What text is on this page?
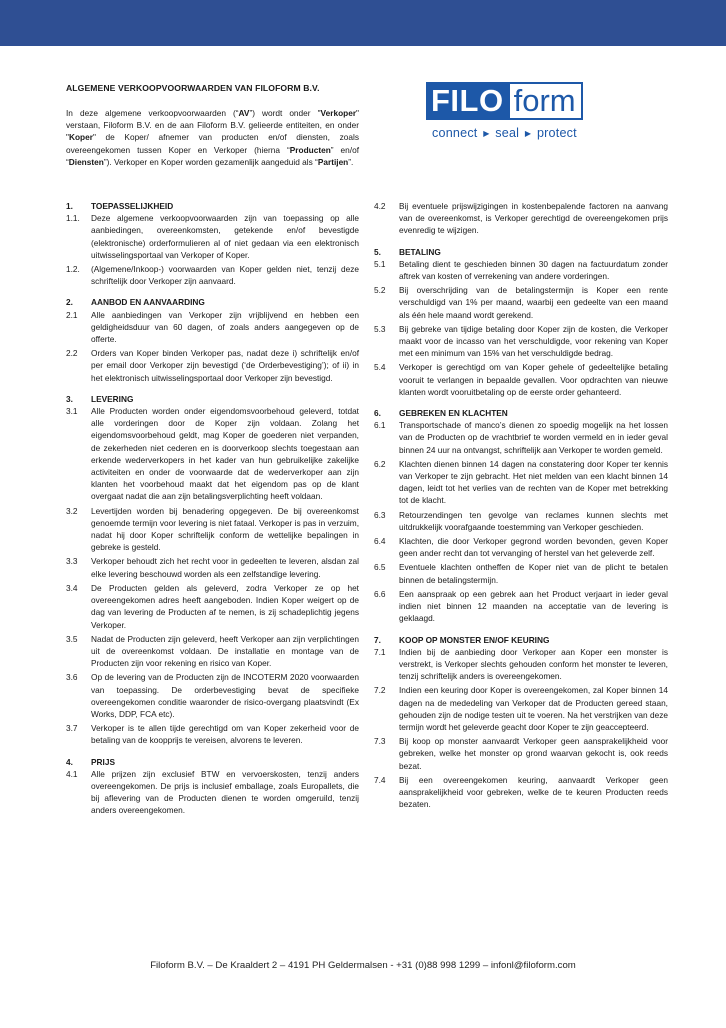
ALGEMENE VERKOOPVOORWAARDEN VAN FILOFORM B.V.
In deze algemene verkoopvoorwaarden (“AV”) wordt onder "Verkoper" verstaan, Filoform B.V. en de aan Filoform B.V. gelieerde entiteiten, en onder "Koper" de Koper/ afnemer van producten en/of diensten, zoals overeengekomen tussen Koper en Verkoper (hierna “Producten” en/of “Diensten”). Verkoper en Koper worden gezamenlijk aangeduid als “Partijen”.
FILO form
connect ▶ seal ▶ protect
1.	TOEPASSELIJKHEID
1.1.	Deze algemene verkoopvoorwaarden zijn van toepassing op alle aanbiedingen, overeenkomsten, getekende en/of bevestigde (elektronische) orderformulieren al of niet gedaan via een elektronisch uitwisselingsportaal van Verkoper of Koper.
1.2.	(Algemene/Inkoop-) voorwaarden van Koper gelden niet, tenzij deze schriftelijk door Verkoper zijn aanvaard.
2.	AANBOD EN AANVAARDING
2.1	Alle aanbiedingen van Verkoper zijn vrijblijvend en hebben een geldigheidsduur van 60 dagen, of zoals anders aangegeven op de offerte.
2.2	Orders van Koper binden Verkoper pas, nadat deze i) schriftelijk en/of per email door Verkoper zijn bevestigd (‘de Orderbevestiging’); of ii) in het elektronisch uitwisselingsportaal door Verkoper zijn bevestigd.
3.	LEVERING
3.1	Alle Producten worden onder eigendomsvoorbehoud geleverd, totdat alle vorderingen door de Koper zijn voldaan. Zolang het eigendomsvoorbehoud geldt, mag Koper de goederen niet verpanden, de zekerheden niet cederen en is doorverkoop slechts toegestaan aan erkende wederverkopers in het kader van hun gebruikelijke zakelijke activiteiten en onder de voorwaarde dat de wederverkoper aan zijn klanten het voorbehoud maakt dat het eigendom pas op de klant overgaat nadat die aan zijn betalingsverplichting heeft voldaan.
3.2	Levertijden worden bij benadering opgegeven. De bij overeenkomst genoemde termijn voor levering is niet fataal. Verkoper is pas in verzuim, nadat hij door Koper schriftelijk conform de wettelijke bepalingen in gebreke is gesteld.
3.3	Verkoper behoudt zich het recht voor in gedeelten te leveren, alsdan zal elke levering beschouwd worden als een zelfstandige levering.
3.4	De Producten gelden als geleverd, zodra Verkoper ze op het overeengekomen adres heeft aangeboden. Indien Koper weigert op de dag van levering de Producten af te nemen, is zij schadeplichtig jegens Verkoper.
3.5	Nadat de Producten zijn geleverd, heeft Verkoper aan zijn verplichtingen uit de overeenkomst voldaan. De installatie en montage van de Producten zijn voor rekening en risico van Koper.
3.6	Op de levering van de Producten zijn de INCOTERM 2020 voorwaarden van toepassing. De orderbevestiging bevat de specifieke overeengekomen conditie waaronder de risico-overgang plaatsvindt (Ex Works, DDP, FCA etc).
3.7	Verkoper is te allen tijde gerechtigd om van Koper zekerheid voor de betaling van de koopprijs te vereisen, alvorens te leveren.
4.	PRIJS
4.1	Alle prijzen zijn exclusief BTW en vervoerskosten, tenzij anders overeengekomen. De prijs is inclusief emballage, zoals Europallets, die bij aflevering van de Producten dienen te worden omgeruild, tenzij anders overeengekomen.
4.2	Bij eventuele prijswijzigingen in kostenbepalende factoren na aanvang van de overeenkomst, is Verkoper gerechtigd de overeengekomen prijs evenredig te wijzigen.
5.	BETALING
5.1	Betaling dient te geschieden binnen 30 dagen na factuurdatum zonder aftrek van kosten of verrekening van andere vorderingen.
5.2	Bij overschrijding van de betalingstermijn is Koper een rente verschuldigd van 1% per maand, waarbij een gedeelte van een maand als één hele maand wordt gerekend.
5.3	Bij gebreke van tijdige betaling door Koper zijn de kosten, die Verkoper maakt voor de incasso van het verschuldigde, voor rekening van Koper met een minimum van 15% van het verschuldigde bedrag.
5.4	Verkoper is gerechtigd om van Koper gehele of gedeeltelijke betaling vooruit te verlangen in bepaalde gevallen. Voor opdrachten van nieuwe klanten wordt vooruitbetaling op de eerste order gehanteerd.
6.	GEBREKEN EN KLACHTEN
6.1	Transportschade of manco’s dienen zo spoedig mogelijk na het lossen van de Producten op de vrachtbrief te worden vermeld en in ieder geval binnen 24 uur na ontvangst, schriftelijk aan Verkoper te worden gemeld.
6.2	Klachten dienen binnen 14 dagen na constatering door Koper ter kennis van Verkoper te zijn gebracht. Het niet melden van een klacht binnen 14 dagen, leidt tot het verlies van de rechten van de Koper met betrekking tot de klacht.
6.3	Retourzendingen ten gevolge van reclames kunnen slechts met uitdrukkelijk voorafgaande toestemming van Verkoper geschieden.
6.4	Klachten, die door Verkoper gegrond worden bevonden, geven Koper geen ander recht dan tot vervanging of herstel van het geleverde zelf.
6.5	Eventuele klachten ontheffen de Koper niet van de plicht te betalen binnen de betalingstermijn.
6.6	Een aanspraak op een gebrek aan het Product verjaart in ieder geval indien niet binnen 12 maanden na acceptatie van de levering is geklaagd.
7.	KOOP OP MONSTER EN/OF KEURING
7.1	Indien bij de aanbieding door Verkoper aan Koper een monster is verstrekt, is Verkoper slechts gehouden conform het monster te leveren, tenzij schriftelijk anders is overeengekomen.
7.2	Indien een keuring door Koper is overeengekomen, zal Koper binnen 14 dagen na de mededeling van Verkoper dat de Producten gereed staan, gehouden zijn de nodige testen uit te voeren. Na het verstrijken van deze termijn wordt het geleverde geacht door Koper te zijn geaccepteerd.
7.3	Bij koop op monster aanvaardt Verkoper geen aansprakelijkheid voor gebreken, welke het monster op grond waarvan gekocht is, ook reeds bezat.
7.4	Bij een overeengekomen keuring, aanvaardt Verkoper geen aansprakelijkheid voor gebreken, welke de te keuren Producten reeds bezaten.
Filoform B.V. – De Kraaldert 2 – 4191 PH Geldermalsen - +31 (0)88 998 1299 – infonl@filoform.com
